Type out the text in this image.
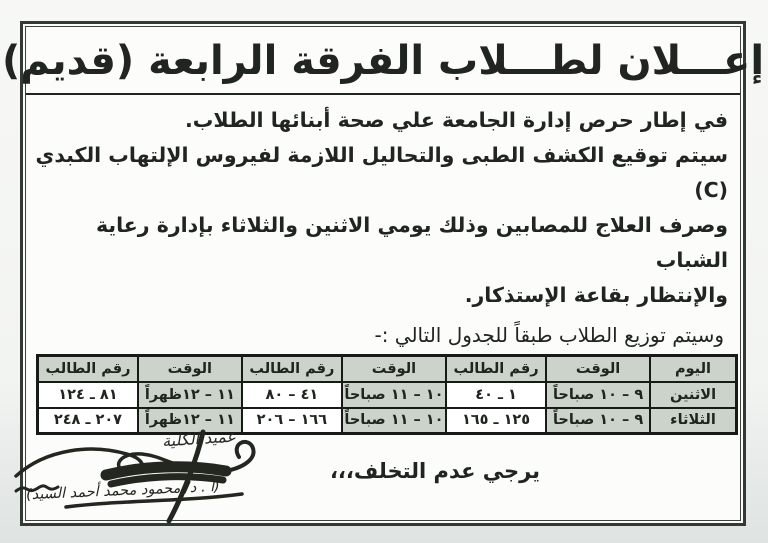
إعـــلان لطـــلاب الفرقة الرابعة (قديم)
في إطار حرص إدارة الجامعة علي صحة أبنائها الطلاب.
سيتم توقيع الكشف الطبى والتحاليل اللازمة لفيروس الإلتهاب الكبدي (C)
وصرف العلاج للمصابين وذلك يومي الاثنين والثلاثاء بإدارة رعاية الشباب
والإنتظار بقاعة الإستذكار.
وسيتم توزيع الطلاب طبقاً للجدول التالي :-
اليوم	الوقت	رقم الطالب	الوقت	رقم الطالب	الوقت	رقم الطالب
الاثنين	٩ – ١٠ صباحاً	١ ـ ٤٠	١٠ – ١١ صباحاً	٤١ – ٨٠	١١ – ١٢ظهراً	٨١ ـ ١٢٤
الثلاثاء	٩ – ١٠ صباحاً	١٢٥ ـ ١٦٥	١٠ – ١١ صباحاً	١٦٦ – ٢٠٦	١١ – ١٢ظهراً	٢٠٧ ـ ٢٤٨
يرجي عدم التخلف،،،
عميد الكلية
(أ . د/ محمود محمد أحمد السيد)
